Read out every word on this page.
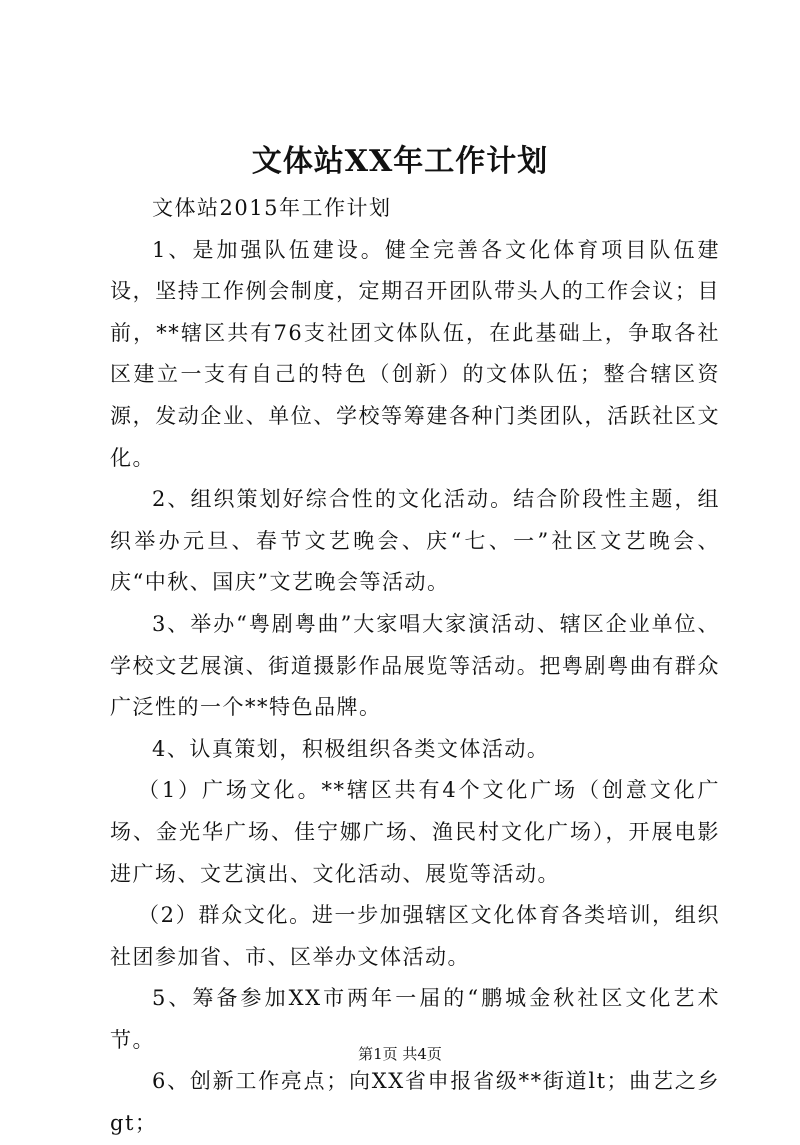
文体站XX年工作计划

文体站2015年工作计划

1、是加强队伍建设。健全完善各文化体育项目队伍建设，坚持工作例会制度，定期召开团队带头人的工作会议；目前，**辖区共有76支社团文体队伍，在此基础上，争取各社区建立一支有自己的特色（创新）的文体队伍；整合辖区资源，发动企业、单位、学校等筹建各种门类团队，活跃社区文化。

2、组织策划好综合性的文化活动。结合阶段性主题，组织举办元旦、春节文艺晚会、庆“七、一”社区文艺晚会、庆“中秋、国庆”文艺晚会等活动。

3、举办“粤剧粤曲”大家唱大家演活动、辖区企业单位、学校文艺展演、街道摄影作品展览等活动。把粤剧粤曲有群众广泛性的一个**特色品牌。

4、认真策划，积极组织各类文体活动。

（1）广场文化。**辖区共有4个文化广场（创意文化广场、金光华广场、佳宁娜广场、渔民村文化广场），开展电影进广场、文艺演出、文化活动、展览等活动。

（2）群众文化。进一步加强辖区文化体育各类培训，组织社团参加省、市、区举办文体活动。

5、筹备参加XX市两年一届的“鹏城金秋社区文化艺术节。

6、创新工作亮点；向XX省申报省级**街道lt；曲艺之乡gt；

第1页 共4页
